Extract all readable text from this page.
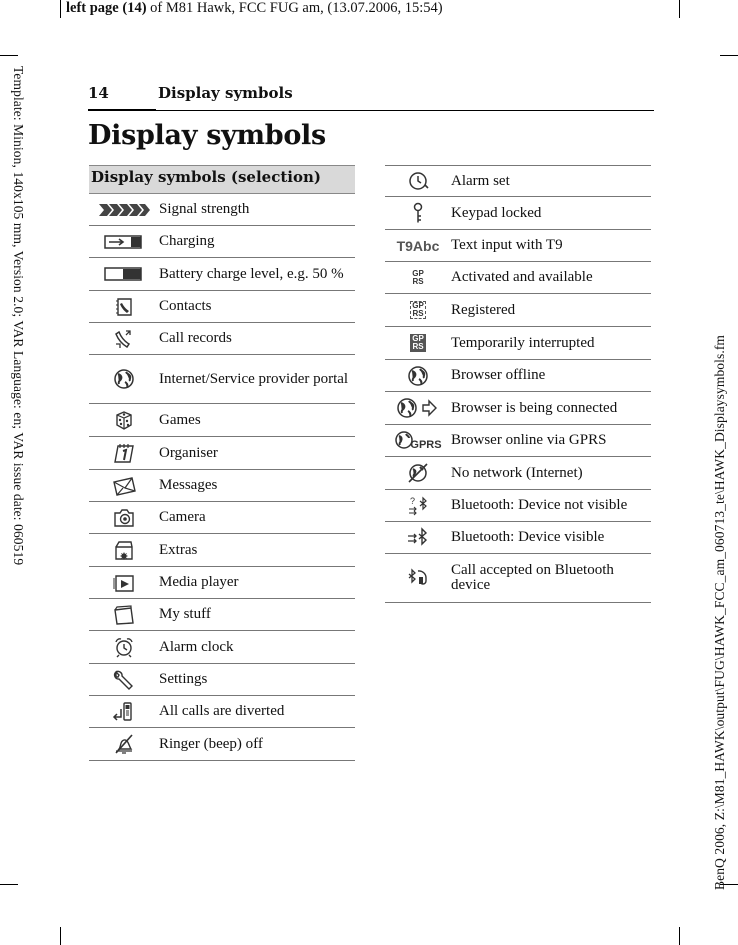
left page (14) of M81 Hawk, FCC FUG am, (13.07.2006, 15:54)
Template: Minion, 140x105 mm, Version 2.0; VAR Language: en; VAR issue date: 060519
BenQ 2006, Z:\M81_HAWK\output\FUG\HAWK_FCC_am_060713_te\HAWK_Displaysymbols.fm
14	Display symbols
Display symbols
Display symbols (selection)
Signal strength
Charging
Battery charge level, e.g. 50 %
Contacts
Call records
Internet/Service provider portal
Games
Organiser
Messages
Camera
Extras
Media player
My stuff
Alarm clock
Settings
All calls are diverted
Ringer (beep) off
Alarm set
Keypad locked
T9Abc Text input with T9
GP
RS Activated and available
GP
RS Registered
GP
RS Temporarily interrupted
Browser offline
Browser is being connected
GPRS Browser online via GPRS
No network (Internet)
? Bluetooth: Device not visible
Bluetooth: Device visible
Call accepted on Bluetooth device
